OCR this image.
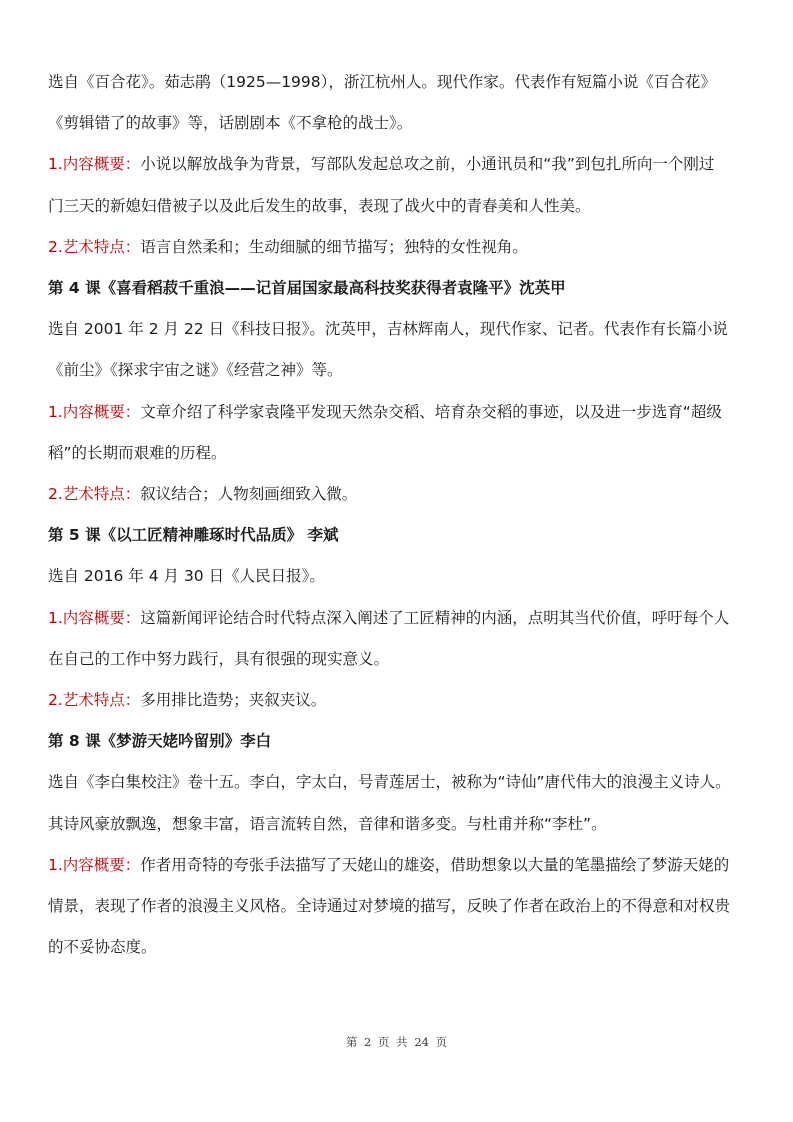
选自《百合花》。茹志鹃（1925—1998），浙江杭州人。现代作家。代表作有短篇小说《百合花》

《剪辑错了的故事》等，话剧剧本《不拿枪的战士》。

1.内容概要：小说以解放战争为背景，写部队发起总攻之前，小通讯员和“我”到包扎所向一个刚过

门三天的新媳妇借被子以及此后发生的故事，表现了战火中的青春美和人性美。

2.艺术特点：语言自然柔和；生动细腻的细节描写；独特的女性视角。

第 4 课《喜看稻菽千重浪——记首届国家最高科技奖获得者袁隆平》沈英甲

选自 2001 年 2 月 22 日《科技日报》。沈英甲，吉林辉南人，现代作家、记者。代表作有长篇小说

《前尘》《探求宇宙之谜》《经营之神》等。

1.内容概要：文章介绍了科学家袁隆平发现天然杂交稻、培育杂交稻的事迹，以及进一步选育“超级

稻”的长期而艰难的历程。

2.艺术特点：叙议结合；人物刻画细致入微。

第 5 课《以工匠精神雕琢时代品质》 李斌

选自 2016 年 4 月 30 日《人民日报》。

1.内容概要：这篇新闻评论结合时代特点深入阐述了工匠精神的内涵，点明其当代价值，呼吁每个人

在自己的工作中努力践行，具有很强的现实意义。

2.艺术特点：多用排比造势；夹叙夹议。

第 8 课《梦游天姥吟留别》李白

选自《李白集校注》卷十五。李白，字太白，号青莲居士，被称为“诗仙”唐代伟大的浪漫主义诗人。

其诗风豪放飘逸，想象丰富，语言流转自然，音律和谐多变。与杜甫并称“李杜”。

1.内容概要：作者用奇特的夸张手法描写了天姥山的雄姿，借助想象以大量的笔墨描绘了梦游天姥的

情景，表现了作者的浪漫主义风格。全诗通过对梦境的描写，反映了作者在政治上的不得意和对权贵

的不妥协态度。

第 2 页 共 24 页
